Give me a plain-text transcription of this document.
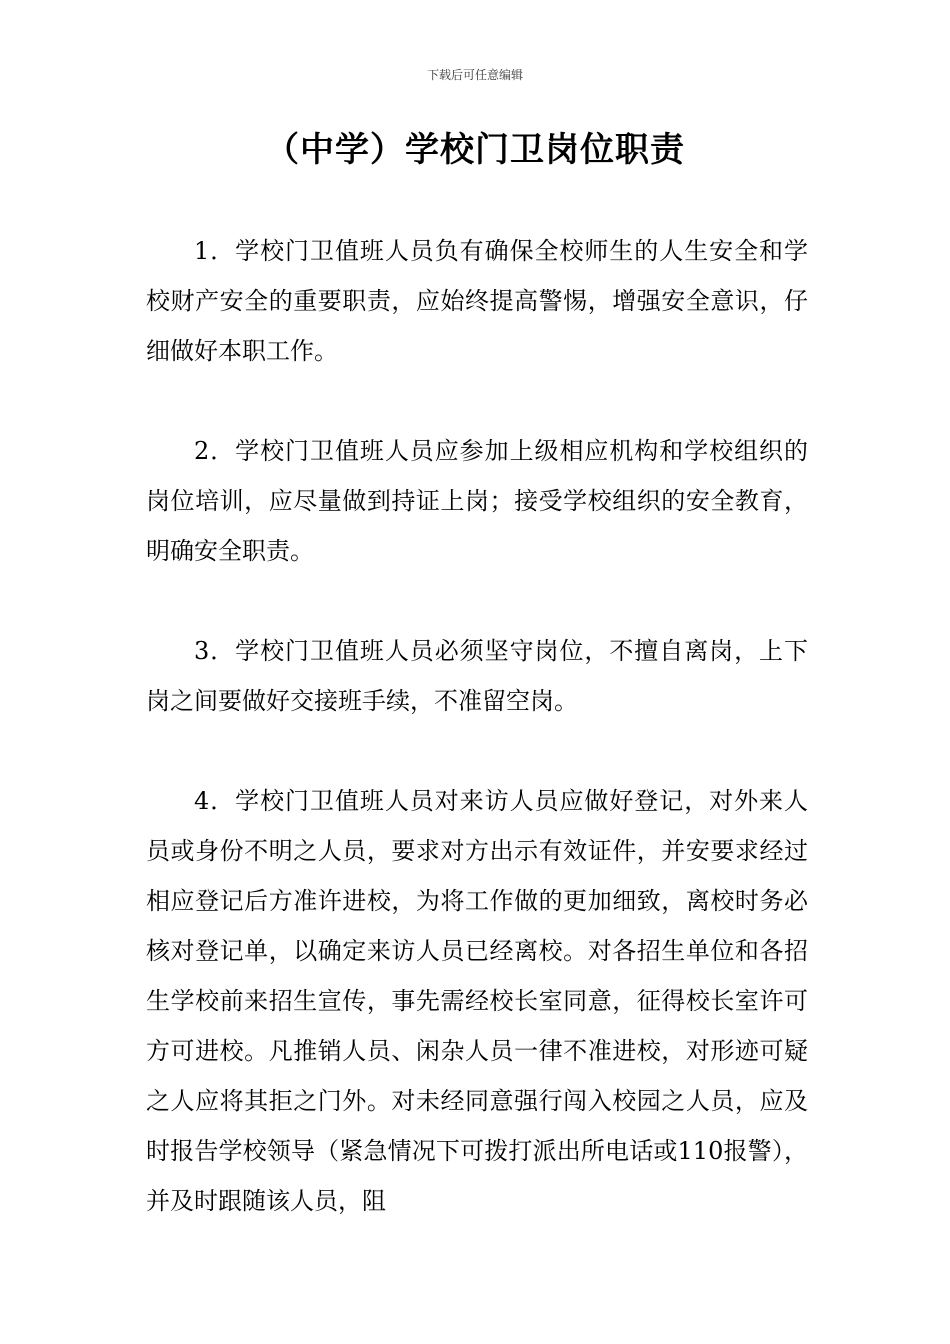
下载后可任意编辑
（中学）学校门卫岗位职责

1．学校门卫值班人员负有确保全校师生的人生安全和学校财产安全的重要职责，应始终提高警惕，增强安全意识，仔细做好本职工作。

2．学校门卫值班人员应参加上级相应机构和学校组织的岗位培训，应尽量做到持证上岗；接受学校组织的安全教育，明确安全职责。

3．学校门卫值班人员必须坚守岗位，不擅自离岗，上下岗之间要做好交接班手续，不准留空岗。

4．学校门卫值班人员对来访人员应做好登记，对外来人员或身份不明之人员，要求对方出示有效证件，并安要求经过相应登记后方准许进校，为将工作做的更加细致，离校时务必核对登记单，以确定来访人员已经离校。对各招生单位和各招生学校前来招生宣传，事先需经校长室同意，征得校长室许可方可进校。凡推销人员、闲杂人员一律不准进校，对形迹可疑之人应将其拒之门外。对未经同意强行闯入校园之人员，应及时报告学校领导（紧急情况下可拨打派出所电话或110报警），并及时跟随该人员，阻
